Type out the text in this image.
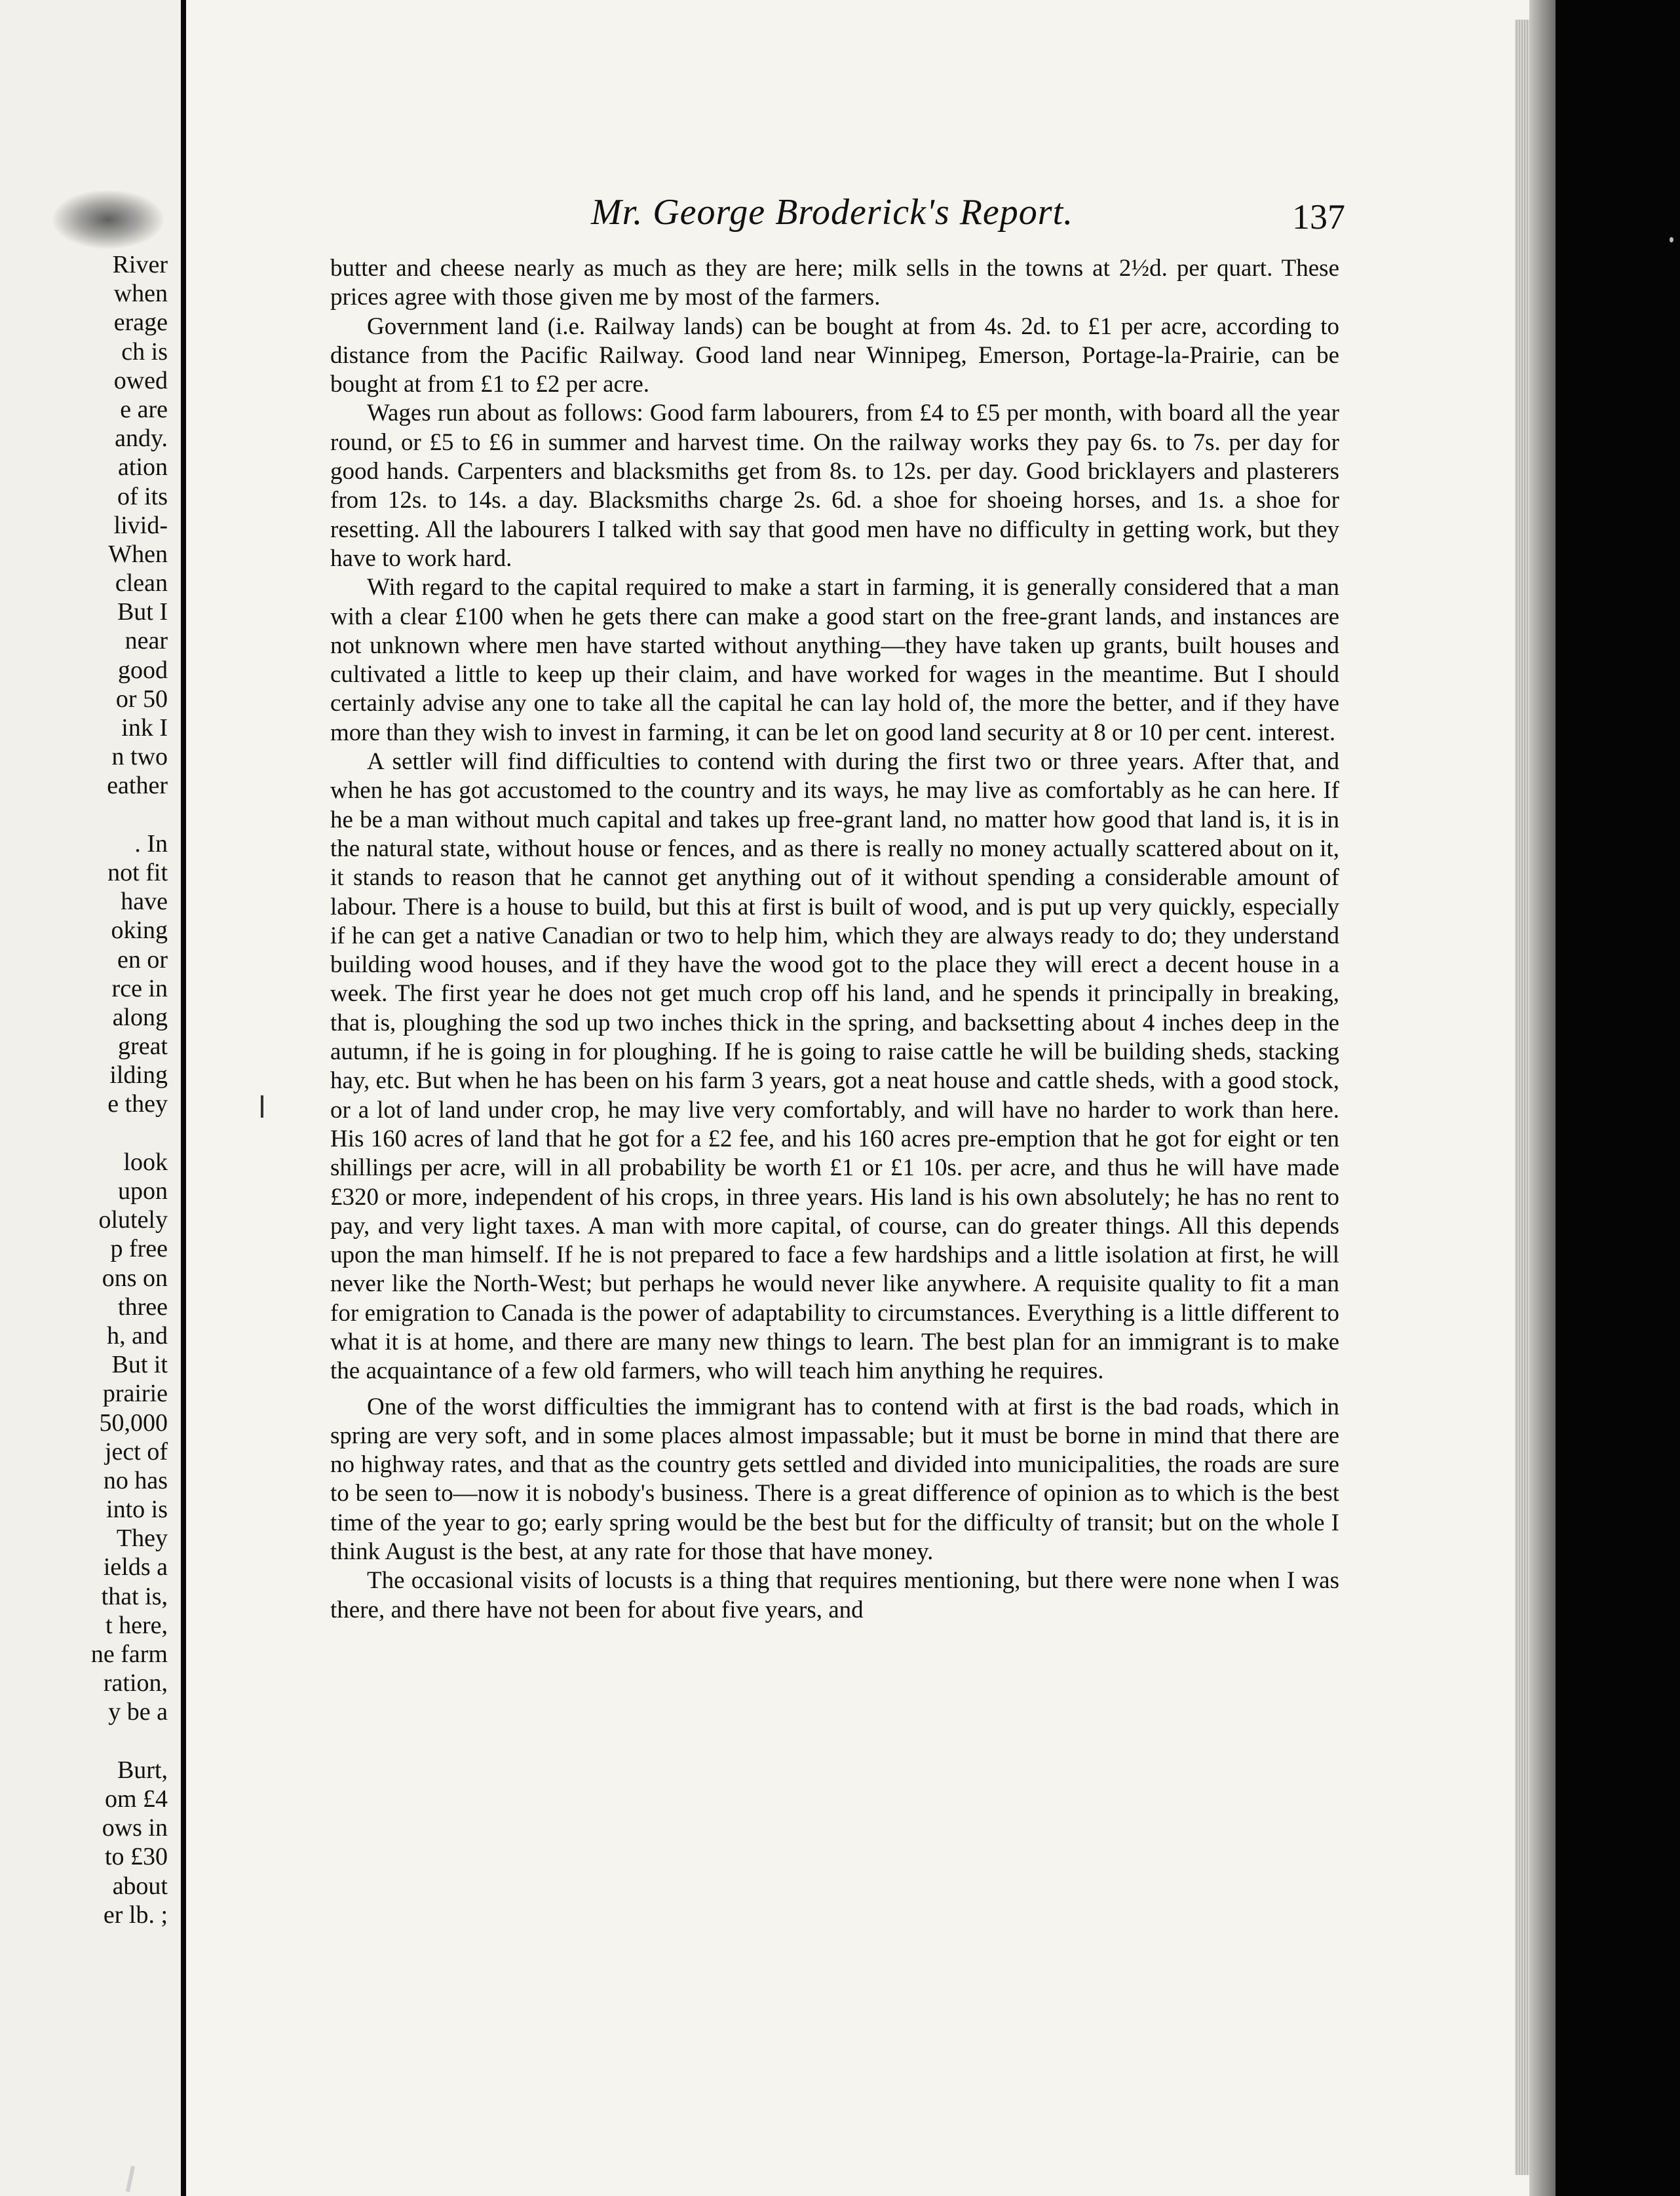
River
when
erage
ch is
owed
e are
andy.
ation
of its
livid-
When
clean
But I
near
good
or 50
ink I
n two
eather
. In
not fit
have
oking
en or
rce in
along
great
ilding
e they
look
upon
olutely
p free
ons on
three
h, and
But it
prairie
50,000
ject of
no has
into is
They
ields a
that is,
t here,
ne farm
ration,
y be a
Burt,
om £4
ows in
to £30
about
er lb. ;
Mr. George Broderick's Report.	137

butter and cheese nearly as much as they are here; milk sells in the towns at 2½d. per quart. These prices agree with those given me by most of the farmers.

Government land (i.e. Railway lands) can be bought at from 4s. 2d. to £1 per acre, according to distance from the Pacific Railway. Good land near Winnipeg, Emerson, Portage-la-Prairie, can be bought at from £1 to £2 per acre.

Wages run about as follows: Good farm labourers, from £4 to £5 per month, with board all the year round, or £5 to £6 in summer and harvest time. On the railway works they pay 6s. to 7s. per day for good hands. Carpenters and blacksmiths get from 8s. to 12s. per day. Good bricklayers and plasterers from 12s. to 14s. a day. Blacksmiths charge 2s. 6d. a shoe for shoeing horses, and 1s. a shoe for resetting. All the labourers I talked with say that good men have no difficulty in getting work, but they have to work hard.

With regard to the capital required to make a start in farming, it is generally considered that a man with a clear £100 when he gets there can make a good start on the free-grant lands, and instances are not unknown where men have started without anything—they have taken up grants, built houses and cultivated a little to keep up their claim, and have worked for wages in the meantime. But I should certainly advise any one to take all the capital he can lay hold of, the more the better, and if they have more than they wish to invest in farming, it can be let on good land security at 8 or 10 per cent. interest.

A settler will find difficulties to contend with during the first two or three years. After that, and when he has got accustomed to the country and its ways, he may live as comfortably as he can here. If he be a man without much capital and takes up free-grant land, no matter how good that land is, it is in the natural state, without house or fences, and as there is really no money actually scattered about on it, it stands to reason that he cannot get anything out of it without spending a considerable amount of labour. There is a house to build, but this at first is built of wood, and is put up very quickly, especially if he can get a native Canadian or two to help him, which they are always ready to do; they understand building wood houses, and if they have the wood got to the place they will erect a decent house in a week. The first year he does not get much crop off his land, and he spends it principally in breaking, that is, ploughing the sod up two inches thick in the spring, and backsetting about 4 inches deep in the autumn, if he is going in for ploughing. If he is going to raise cattle he will be building sheds, stacking hay, etc. But when he has been on his farm 3 years, got a neat house and cattle sheds, with a good stock, or a lot of land under crop, he may live very comfortably, and will have no harder to work than here. His 160 acres of land that he got for a £2 fee, and his 160 acres pre-emption that he got for eight or ten shillings per acre, will in all probability be worth £1 or £1 10s. per acre, and thus he will have made £320 or more, independent of his crops, in three years. His land is his own absolutely; he has no rent to pay, and very light taxes. A man with more capital, of course, can do greater things. All this depends upon the man himself. If he is not prepared to face a few hardships and a little isolation at first, he will never like the North-West; but perhaps he would never like anywhere. A requisite quality to fit a man for emigration to Canada is the power of adaptability to circumstances. Everything is a little different to what it is at home, and there are many new things to learn. The best plan for an immigrant is to make the acquaintance of a few old farmers, who will teach him anything he requires.

One of the worst difficulties the immigrant has to contend with at first is the bad roads, which in spring are very soft, and in some places almost impassable; but it must be borne in mind that there are no highway rates, and that as the country gets settled and divided into municipalities, the roads are sure to be seen to—now it is nobody's business. There is a great difference of opinion as to which is the best time of the year to go; early spring would be the best but for the difficulty of transit; but on the whole I think August is the best, at any rate for those that have money.

The occasional visits of locusts is a thing that requires mentioning, but there were none when I was there, and there have not been for about five years, and
